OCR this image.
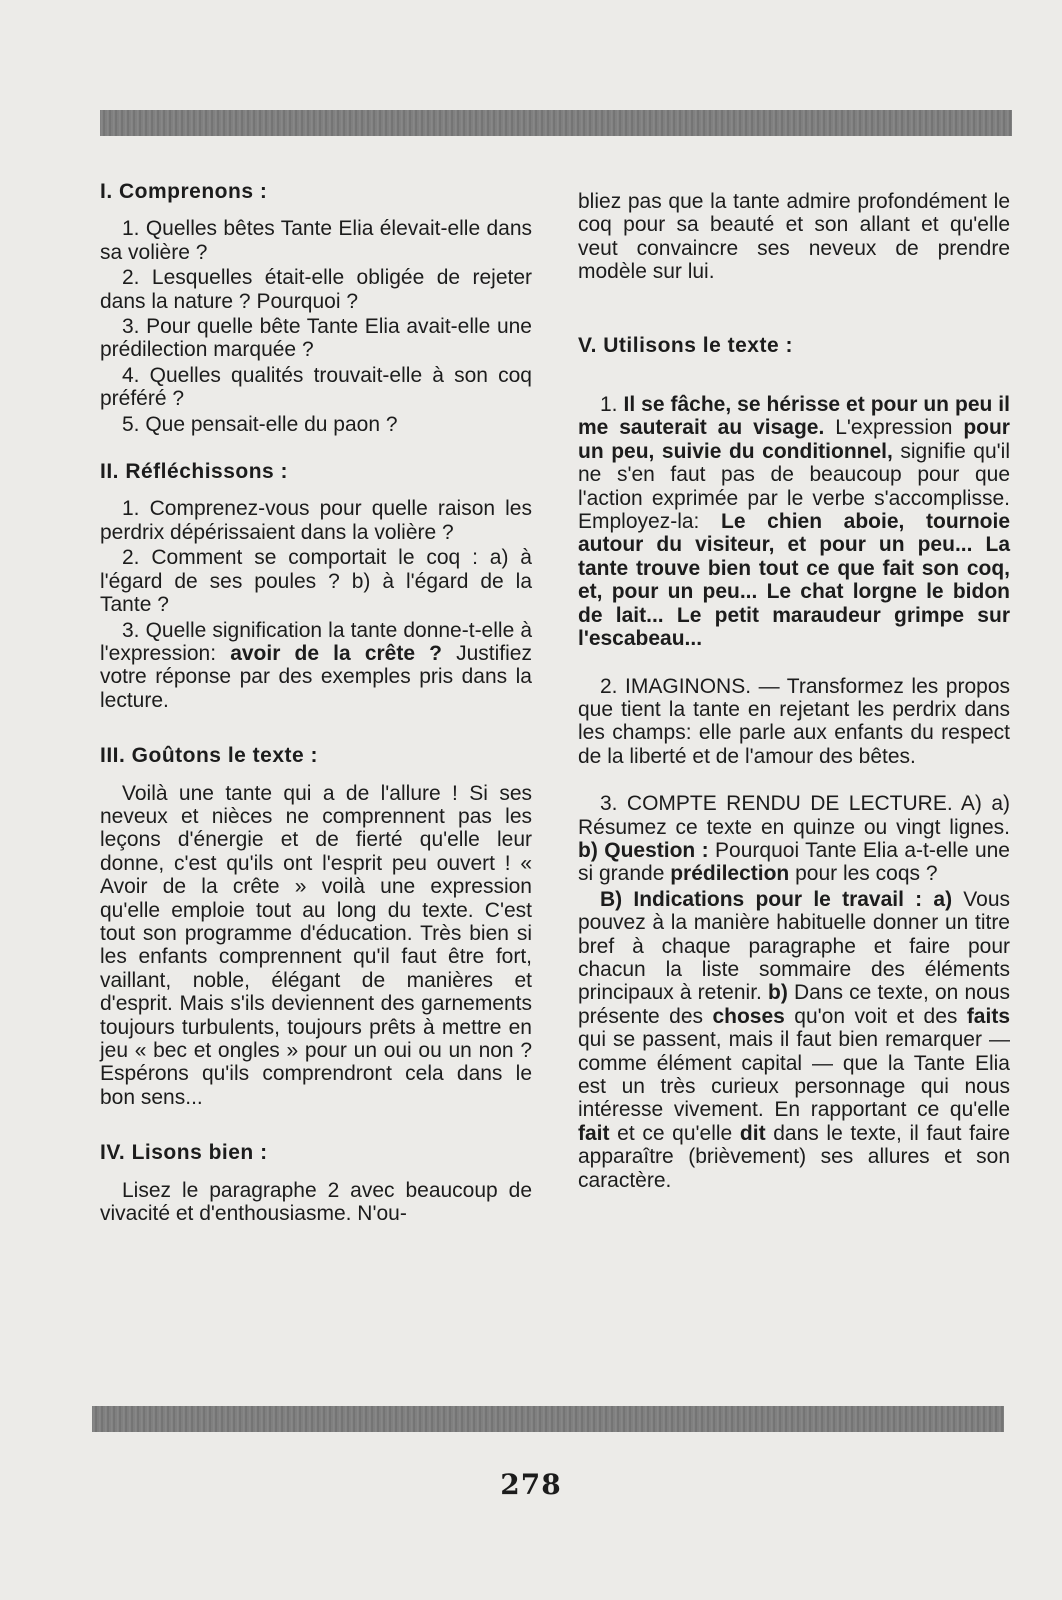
I. Comprenons :

1. Quelles bêtes Tante Elia élevait-elle dans sa volière ?

2. Lesquelles était-elle obligée de rejeter dans la nature ? Pourquoi ?

3. Pour quelle bête Tante Elia avait-elle une prédilection marquée ?

4. Quelles qualités trouvait-elle à son coq préféré ?

5. Que pensait-elle du paon ?

II. Réfléchissons :

1. Comprenez-vous pour quelle raison les perdrix dépérissaient dans la volière ?

2. Comment se comportait le coq : a) à l'égard de ses poules ? b) à l'égard de la Tante ?

3. Quelle signification la tante donne-t-elle à l'expression: avoir de la crête ? Justifiez votre réponse par des exemples pris dans la lecture.

III. Goûtons le texte :

Voilà une tante qui a de l'allure ! Si ses neveux et nièces ne comprennent pas les leçons d'énergie et de fierté qu'elle leur donne, c'est qu'ils ont l'esprit peu ouvert ! « Avoir de la crête » voilà une expression qu'elle emploie tout au long du texte. C'est tout son programme d'éducation. Très bien si les enfants comprennent qu'il faut être fort, vaillant, noble, élégant de manières et d'esprit. Mais s'ils deviennent des garnements toujours turbulents, toujours prêts à mettre en jeu « bec et ongles » pour un oui ou un non ? Espérons qu'ils comprendront cela dans le bon sens...

IV. Lisons bien :

Lisez le paragraphe 2 avec beaucoup de vivacité et d'enthousiasme. N'ou-

bliez pas que la tante admire profondément le coq pour sa beauté et son allant et qu'elle veut convaincre ses neveux de prendre modèle sur lui.

V. Utilisons le texte :

1. Il se fâche, se hérisse et pour un peu il me sauterait au visage. L'expression pour un peu, suivie du conditionnel, signifie qu'il ne s'en faut pas de beaucoup pour que l'action exprimée par le verbe s'accomplisse. Employez-la: Le chien aboie, tournoie autour du visiteur, et pour un peu... La tante trouve bien tout ce que fait son coq, et, pour un peu... Le chat lorgne le bidon de lait... Le petit maraudeur grimpe sur l'escabeau...

2. IMAGINONS. — Transformez les propos que tient la tante en rejetant les perdrix dans les champs: elle parle aux enfants du respect de la liberté et de l'amour des bêtes.

3. COMPTE RENDU DE LECTURE. A) a) Résumez ce texte en quinze ou vingt lignes. b) Question : Pourquoi Tante Elia a-t-elle une si grande prédilection pour les coqs ?

B) Indications pour le travail : a) Vous pouvez à la manière habituelle donner un titre bref à chaque paragraphe et faire pour chacun la liste sommaire des éléments principaux à retenir. b) Dans ce texte, on nous présente des choses qu'on voit et des faits qui se passent, mais il faut bien remarquer — comme élément capital — que la Tante Elia est un très curieux personnage qui nous intéresse vivement. En rapportant ce qu'elle fait et ce qu'elle dit dans le texte, il faut faire apparaître (brièvement) ses allures et son caractère.

278
